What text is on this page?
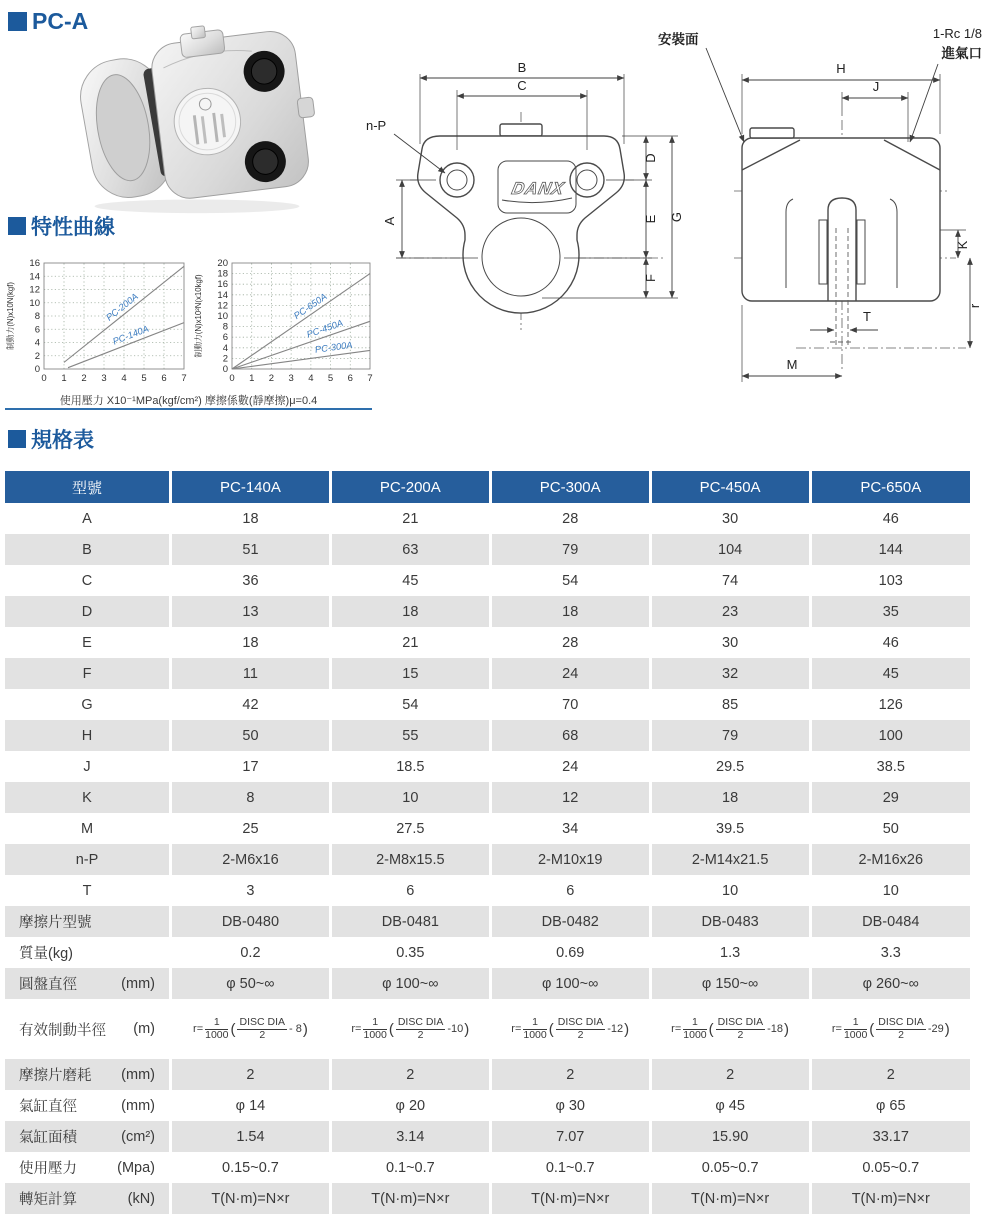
PC-A
特性曲線
規格表
DANX
B
C
n-P
A
D
E
F
G
安裝面	1-Rc 1/8
進氣口
H
J
K
r
T
M
0 1 2 3 4 5 6 7
0
2
4
6
8
10
12
14
16
制動力(N)x10N(kgf)	PC-200A
PC-140A
0 1 2 3 4 5 6 7
0
2
4
6
8
10
12
14
16
18
20
制動力(N)x10²N(x10kgf)	PC-650A
PC-450A
PC-300A
使用壓力 X10⁻¹MPa(kgf/cm²) 摩擦係數(靜摩擦)μ=0.4
型號	PC-140A	PC-200A	PC-300A	PC-450A	PC-650A
A	18	21	28	30	46
B	51	63	79	104	144
C	36	45	54	74	103
D	13	18	18	23	35
E	18	21	28	30	46
F	11	15	24	32	45
G	42	54	70	85	126
H	50	55	68	79	100
J	17	18.5	24	29.5	38.5
K	8	10	12	18	29
M	25	27.5	34	39.5	50
n-P	2-M6x16	2-M8x15.5	2-M10x19	2-M14x21.5	2-M16x26
T	3	6	6	10	10
摩擦片型號	DB-0480	DB-0481	DB-0482	DB-0483	DB-0484
質量(kg)	0.2	0.35	0.69	1.3	3.3

圓盤直徑 (mm)	φ 50~∞	φ 100~∞	φ 100~∞	φ 150~∞	φ 260~∞

有效制動半徑 (m)	$r= \frac{1}{1000}$ ( $\frac{\text{DISC DIA}}{2} - 8$ )	$r= \frac{1}{1000}$ ( $\frac{\text{DISC DIA}}{2} -10$ )	$r= \frac{1}{1000}$ ( $\frac{\text{DISC DIA}}{2} -12$ )	$r= \frac{1}{1000}$ ( $\frac{\text{DISC DIA}}{2} -18$ )	$r= \frac{1}{1000}$ ( $\frac{\text{DISC DIA}}{2} -29$ )

摩擦片磨耗 (mm)	2	2	2	2	2

氣缸直徑 (mm)	φ 14	φ 20	φ 30	φ 45	φ 65

氣缸面積 (cm²)	1.54	3.14	7.07	15.90	33.17

使用壓力 (Mpa)	0.15~0.7	0.1~0.7	0.1~0.7	0.05~0.7	0.05~0.7

轉矩計算 (kN)	T(N·m)=N×r	T(N·m)=N×r	T(N·m)=N×r	T(N·m)=N×r	T(N·m)=N×r
